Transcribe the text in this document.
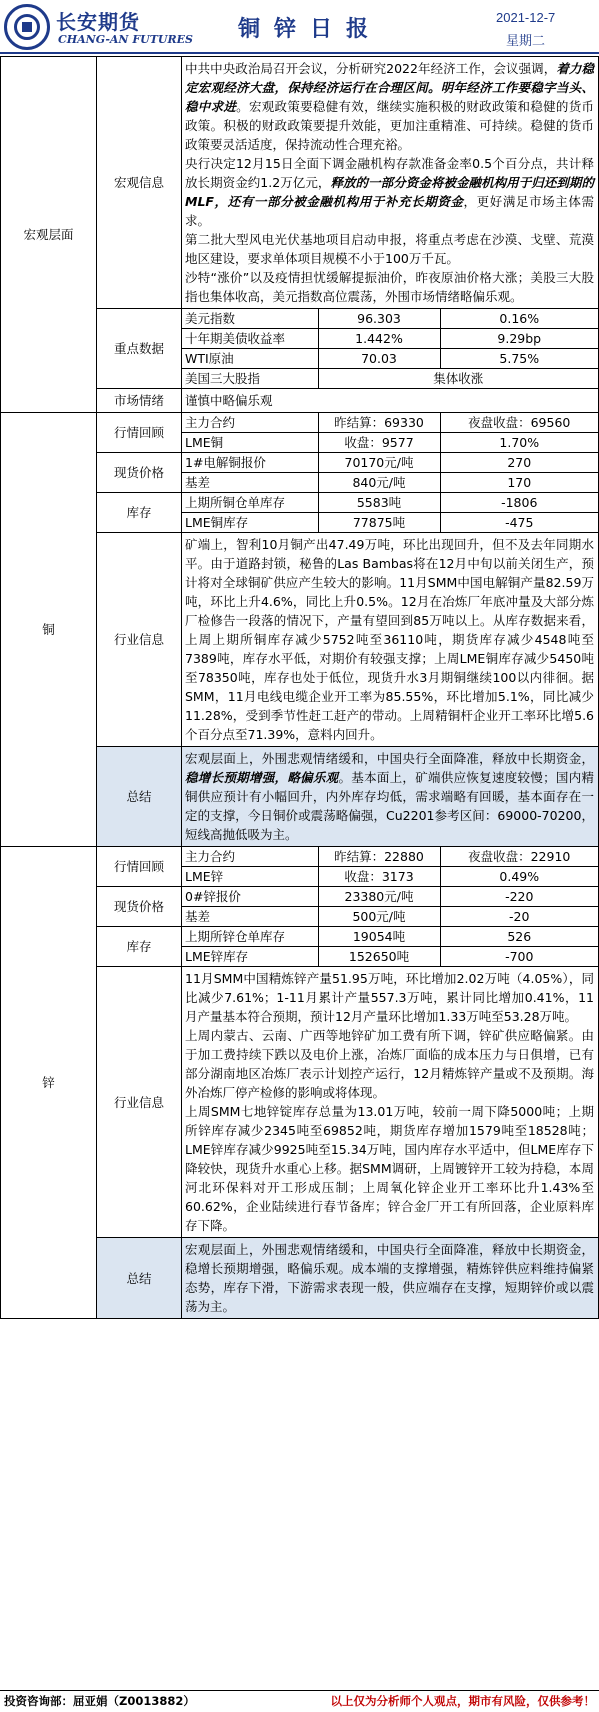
长安期货
CHANG-AN FUTURES	铜锌日报	2021-12-7
星期二
宏观层面	宏观信息	
中共中央政治局召开会议，分析研究2022年经济工作，会议强调，着力稳定宏观经济大盘，保持经济运行在合理区间。明年经济工作要稳字当头、稳中求进。宏观政策要稳健有效，继续实施积极的财政政策和稳健的货币政策。积极的财政政策要提升效能，更加注重精准、可持续。稳健的货币政策要灵活适度，保持流动性合理充裕。
央行决定12月15日全面下调金融机构存款准备金率0.5个百分点，共计释放长期资金约1.2万亿元，释放的一部分资金将被金融机构用于归还到期的MLF，还有一部分被金融机构用于补充长期资金，更好满足市场主体需求。
第二批大型风电光伏基地项目启动申报，将重点考虑在沙漠、戈壁、荒漠地区建设，要求单体项目规模不小于100万千瓦。
沙特“涨价”以及疫情担忧缓解提振油价，昨夜原油价格大涨；美股三大股指也集体收高，美元指数高位震荡，外围市场情绪略偏乐观。

重点数据	
美元指数	96.303	0.16%
十年期美债收益率	1.442%	9.29bp
WTI原油	70.03	5.75%
美国三大股指	集体收涨

市场情绪	谨慎中略偏乐观
铜	行情回顾	
主力合约	昨结算：69330	夜盘收盘：69560
LME铜	收盘：9577	1.70%

现货价格	
1#电解铜报价	70170元/吨	270
基差	840元/吨	170

库存	
上期所铜仓单库存	5583吨	-1806
LME铜库存	77875吨	-475

行业信息	矿端上，智利10月铜产出47.49万吨，环比出现回升，但不及去年同期水平。由于道路封锁，秘鲁的Las Bambas将在12月中旬以前关闭生产，预计将对全球铜矿供应产生较大的影响。11月SMM中国电解铜产量82.59万吨，环比上升4.6%，同比上升0.5%。12月在冶炼厂年底冲量及大部分炼厂检修告一段落的情况下，产量有望回到85万吨以上。从库存数据来看，上周上期所铜库存减少5752吨至36110吨，期货库存减少4548吨至7389吨，库存水平低，对期价有较强支撑；上周LME铜库存减少5450吨至78350吨，库存也处于低位，现货升水3月期铜继续100以内徘徊。据SMM，11月电线电缆企业开工率为85.55%，环比增加5.1%，同比减少11.28%，受到季节性赶工赶产的带动。上周精铜杆企业开工率环比增5.6个百分点至71.39%，意料内回升。
总结	宏观层面上，外围悲观情绪缓和，中国央行全面降准，释放中长期资金，稳增长预期增强，略偏乐观。基本面上，矿端供应恢复速度较慢；国内精铜供应预计有小幅回升，内外库存均低，需求端略有回暖，基本面存在一定的支撑，今日铜价或震荡略偏强，Cu2201参考区间：69000-70200，短线高抛低吸为主。
锌	行情回顾	
主力合约	昨结算：22880	夜盘收盘：22910
LME锌	收盘：3173	0.49%

现货价格	
0#锌报价	23380元/吨	-220
基差	500元/吨	-20

库存	
上期所锌仓单库存	19054吨	526
LME锌库存	152650吨	-700

行业信息	
11月SMM中国精炼锌产量51.95万吨，环比增加2.02万吨（4.05%），同比减少7.61%；1-11月累计产量557.3万吨，累计同比增加0.41%，11月产量基本符合预期，预计12月产量环比增加1.33万吨至53.28万吨。
上周内蒙古、云南、广西等地锌矿加工费有所下调，锌矿供应略偏紧。由于加工费持续下跌以及电价上涨，冶炼厂面临的成本压力与日俱增，已有部分湖南地区冶炼厂表示计划控产运行，12月精炼锌产量或不及预期。海外冶炼厂停产检修的影响或将体现。
上周SMM七地锌锭库存总量为13.01万吨，较前一周下降5000吨；上期所锌库存减少2345吨至69852吨，期货库存增加1579吨至18528吨；LME锌库存减少9925吨至15.34万吨，国内库存水平适中，但LME库存下降较快，现货升水重心上移。据SMM调研，上周镀锌开工较为持稳，本周河北环保料对开工形成压制；上周氧化锌企业开工率环比升1.43%至60.62%，企业陆续进行春节备库；锌合金厂开工有所回落，企业原料库存下降。

总结	宏观层面上，外围悲观情绪缓和，中国央行全面降准，释放中长期资金，稳增长预期增强，略偏乐观。成本端的支撑增强，精炼锌供应料维持偏紧态势，库存下滑，下游需求表现一般，供应端存在支撑，短期锌价或以震荡为主。
投资咨询部：屈亚娟（Z0013882）	以上仅为分析师个人观点，期市有风险，仅供参考！
